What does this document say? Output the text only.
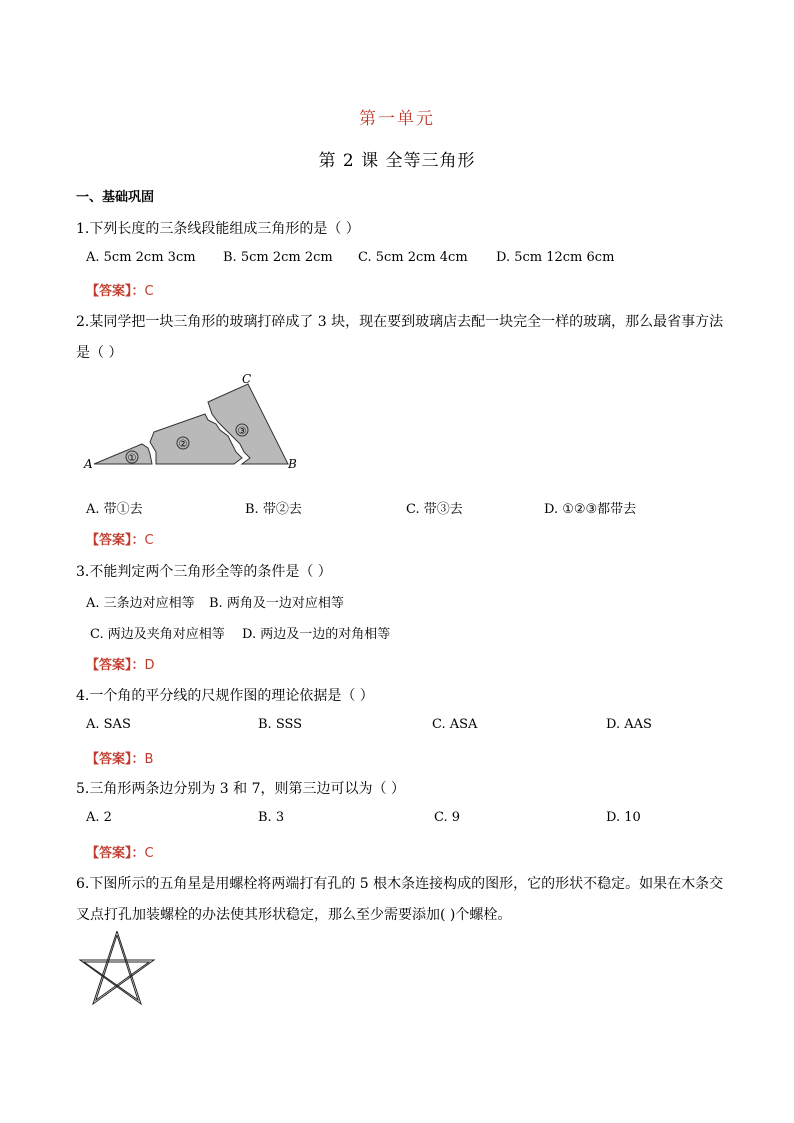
第一单元
第 2 课 全等三角形
一、基础巩固
1.下列长度的三条线段能组成三角形的是（ ）
A. 5cm 2cm 3cm B. 5cm 2cm 2cm C. 5cm 2cm 4cm D. 5cm 12cm 6cm
【答案】：C
2.某同学把一块三角形的玻璃打碎成了 3 块，现在要到玻璃店去配一块完全一样的玻璃，那么最省事方法
是（ ）
①
②
③
A	B
C
A. 带①去	B. 带②去	C. 带③去	D. ①②③都带去
【答案】：C
3.不能判定两个三角形全等的条件是（ ）
A. 三条边对应相等 B. 两角及一边对应相等
C. 两边及夹角对应相等 D. 两边及一边的对角相等
【答案】：D
4.一个角的平分线的尺规作图的理论依据是（ ）
A. SAS	B. SSS	C. ASA	D. AAS
【答案】：B
5.三角形两条边分别为 3 和 7，则第三边可以为（ ）
A. 2	B. 3	C. 9	D. 10
【答案】：C
6.下图所示的五角星是用螺栓将两端打有孔的 5 根木条连接构成的图形，它的形状不稳定。如果在木条交
叉点打孔加装螺栓的办法使其形状稳定，那么至少需要添加( )个螺栓。
